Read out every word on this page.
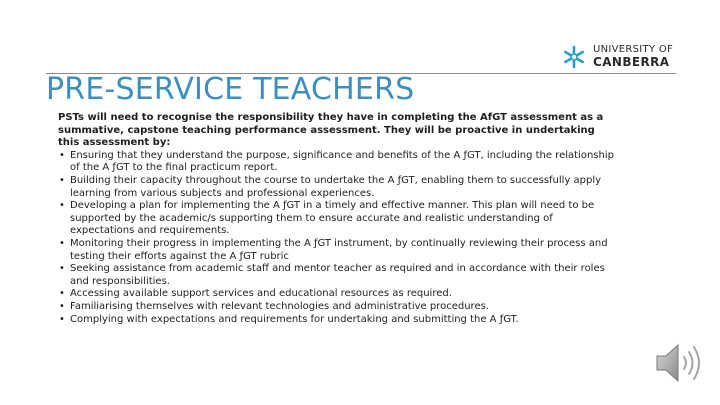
UNIVERSITY OF
CANBERRA
PRE-SERVICE TEACHERS

PSTs will need to recognise the responsibility they have in completing the AfGT assessment as a summative, capstone teaching performance assessment. They will be proactive in undertaking this assessment by:

• Ensuring that they understand the purpose, significance and benefits of the A ƒGT, including the relationship of the A ƒGT to the final practicum report.
• Building their capacity throughout the course to undertake the A ƒGT, enabling them to successfully apply learning from various subjects and professional experiences.
• Developing a plan for implementing the A ƒGT in a timely and effective manner. This plan will need to be supported by the academic/s supporting them to ensure accurate and realistic understanding of expectations and requirements.
• Monitoring their progress in implementing the A ƒGT instrument, by continually reviewing their process and testing their efforts against the A ƒGT rubric
• Seeking assistance from academic staff and mentor teacher as required and in accordance with their roles and responsibilities.
• Accessing available support services and educational resources as required.
• Familiarising themselves with relevant technologies and administrative procedures.
• Complying with expectations and requirements for undertaking and submitting the A ƒGT.
